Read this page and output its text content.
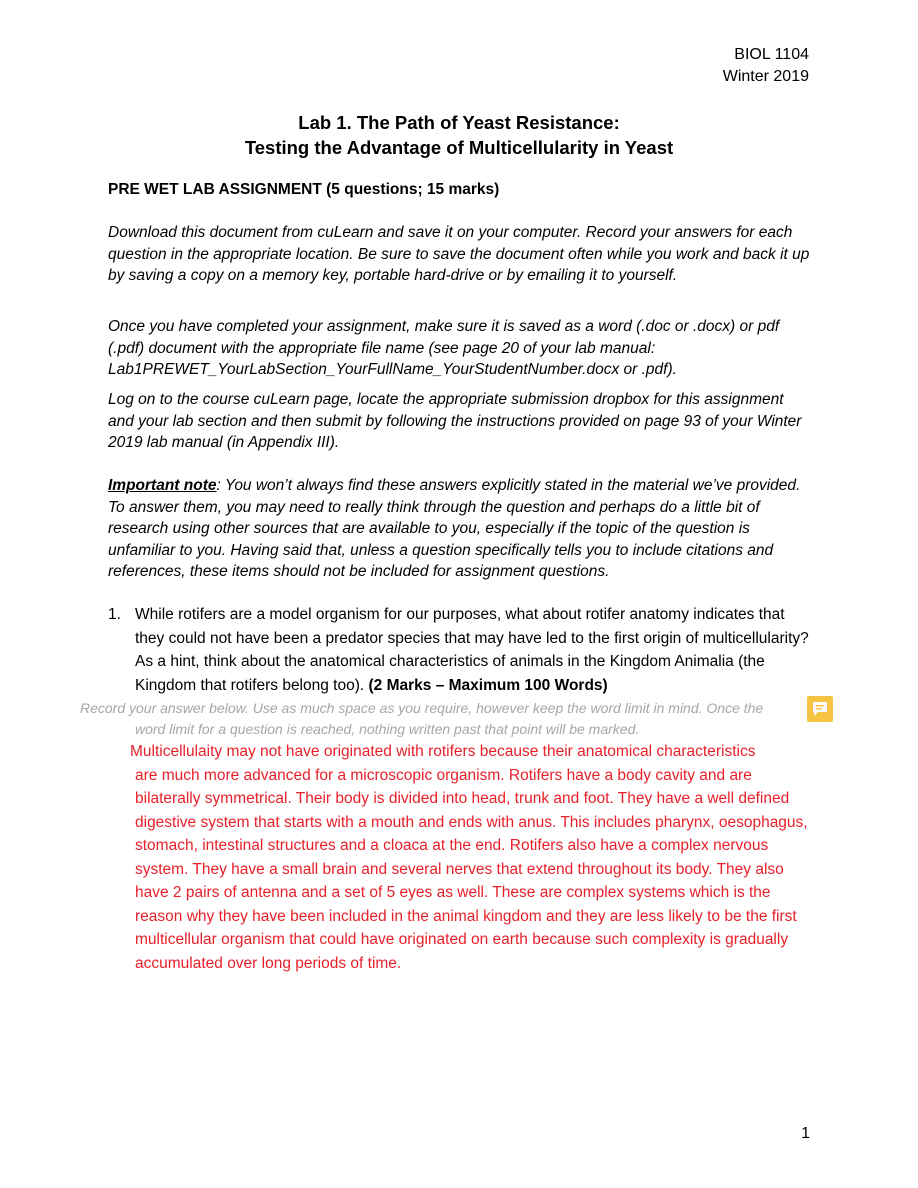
BIOL 1104
Winter 2019
Lab 1. The Path of Yeast Resistance:
Testing the Advantage of Multicellularity in Yeast
PRE WET LAB ASSIGNMENT (5 questions; 15 marks)
Download this document from cuLearn and save it on your computer. Record your answers for each question in the appropriate location. Be sure to save the document often while you work and back it up by saving a copy on a memory key, portable hard-drive or by emailing it to yourself.
Once you have completed your assignment, make sure it is saved as a word (.doc or .docx) or pdf (.pdf) document with the appropriate file name (see page 20 of your lab manual: Lab1PREWET_YourLabSection_YourFullName_YourStudentNumber.docx or .pdf).
Log on to the course cuLearn page, locate the appropriate submission dropbox for this assignment and your lab section and then submit by following the instructions provided on page 93 of your Winter 2019 lab manual (in Appendix III).
Important note: You won’t always find these answers explicitly stated in the material we’ve provided. To answer them, you may need to really think through the question and perhaps do a little bit of research using other sources that are available to you, especially if the topic of the question is unfamiliar to you. Having said that, unless a question specifically tells you to include citations and references, these items should not be included for assignment questions.
1. While rotifers are a model organism for our purposes, what about rotifer anatomy indicates that they could not have been a predator species that may have led to the first origin of multicellularity? As a hint, think about the anatomical characteristics of animals in the Kingdom Animalia (the Kingdom that rotifers belong too). (2 Marks – Maximum 100 Words)
Record your answer below. Use as much space as you require, however keep the word limit in mind. Once the
word limit for a question is reached, nothing written past that point will be marked.
Multicellulaity may not have originated with rotifers because their anatomical characteristics
are much more advanced for a microscopic organism. Rotifers have a body cavity and are bilaterally symmetrical. Their body is divided into head, trunk and foot. They have a well defined digestive system that starts with a mouth and ends with anus. This includes pharynx, oesophagus, stomach, intestinal structures and a cloaca at the end. Rotifers also have a complex nervous system. They have a small brain and several nerves that extend throughout its body. They also have 2 pairs of antenna and a set of 5 eyes as well. These are complex systems which is the reason why they have been included in the animal kingdom and they are less likely to be the first multicellular organism that could have originated on earth because such complexity is gradually accumulated over long periods of time.
1
